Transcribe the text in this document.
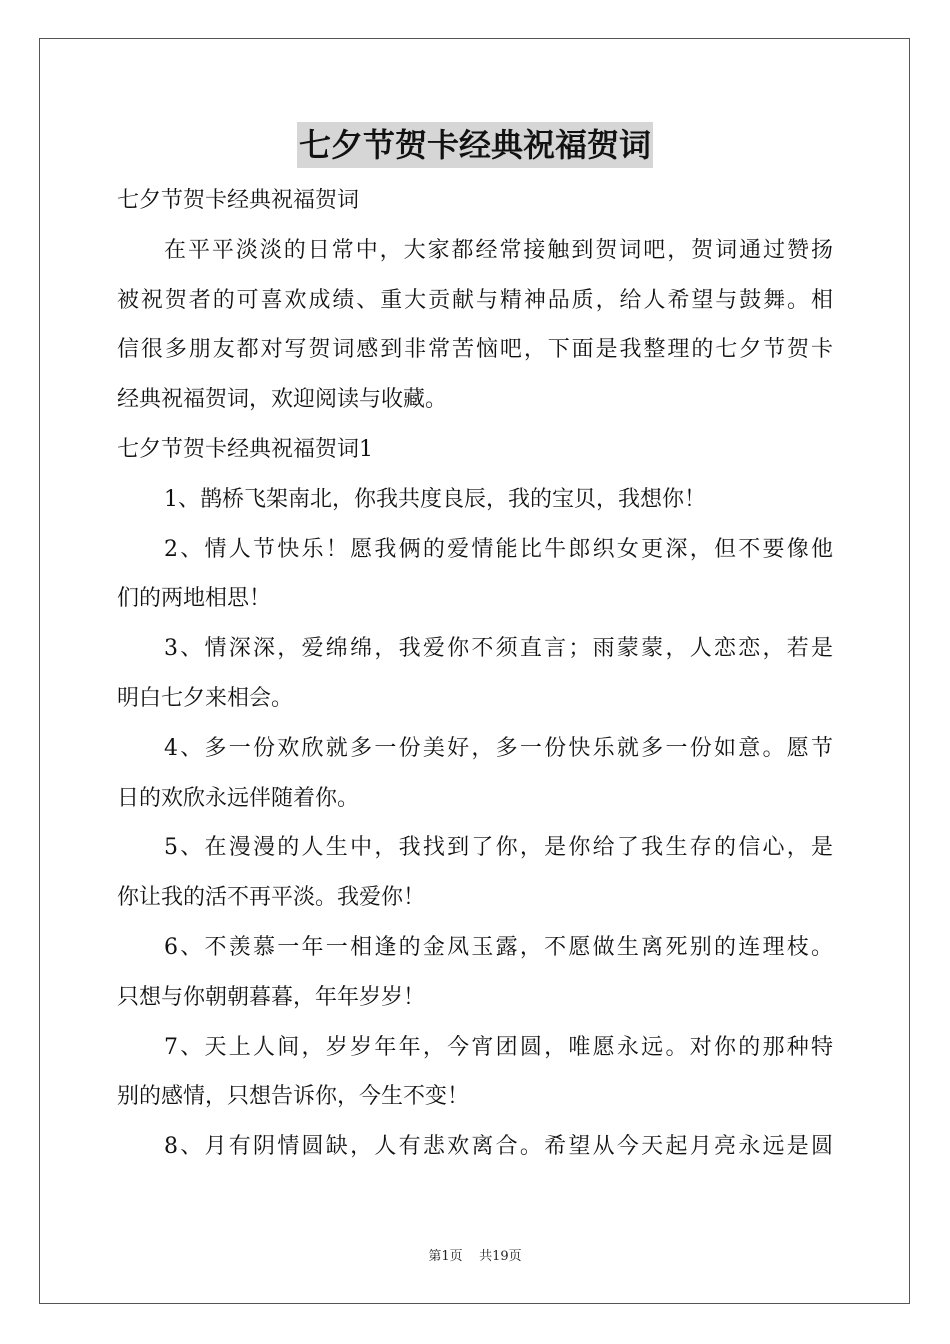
七夕节贺卡经典祝福贺词
七夕节贺卡经典祝福贺词
在平平淡淡的日常中，大家都经常接触到贺词吧，贺词通过赞扬
被祝贺者的可喜欢成绩、重大贡献与精神品质，给人希望与鼓舞。相
信很多朋友都对写贺词感到非常苦恼吧，下面是我整理的七夕节贺卡
经典祝福贺词，欢迎阅读与收藏。
七夕节贺卡经典祝福贺词1
1、鹊桥飞架南北，你我共度良辰，我的宝贝，我想你！
2、情人节快乐！愿我俩的爱情能比牛郎织女更深，但不要像他
们的两地相思！
3、情深深，爱绵绵，我爱你不须直言；雨蒙蒙，人恋恋，若是
明白七夕来相会。
4、多一份欢欣就多一份美好，多一份快乐就多一份如意。愿节
日的欢欣永远伴随着你。
5、在漫漫的人生中，我找到了你，是你给了我生存的信心，是
你让我的活不再平淡。我爱你！
6、不羡慕一年一相逢的金凤玉露，不愿做生离死别的连理枝。
只想与你朝朝暮暮，年年岁岁！
7、天上人间，岁岁年年，今宵团圆，唯愿永远。对你的那种特
别的感情，只想告诉你，今生不变！
8、月有阴情圆缺，人有悲欢离合。希望从今天起月亮永远是圆
第1页 共19页
